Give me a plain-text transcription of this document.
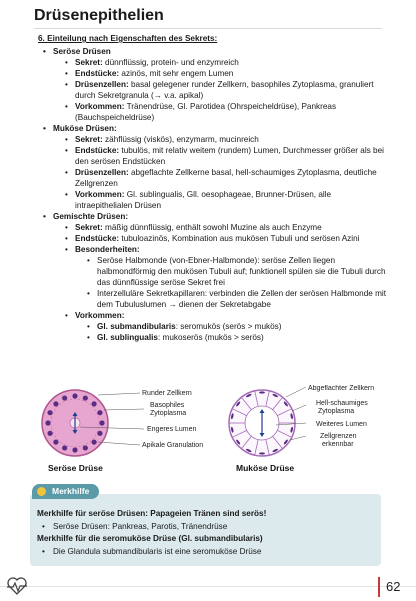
Drüsenepithelien
6. Einteilung nach Eigenschaften des Sekrets:
• Seröse Drüsen
• Sekret: dünnflüssig, protein- und enzymreich
• Endstücke: azinös, mit sehr engem Lumen
• Drüsenzellen: basal gelegener runder Zellkern, basophiles Zytoplasma, granuliert durch Sekretgranula (→ v.a. apikal)
• Vorkommen: Tränendrüse, Gl. Parotidea (Ohrspeicheldrüse), Pankreas (Bauchspeicheldrüse)
• Muköse Drüsen:
• Sekret: zähflüssig (viskös), enzymarm, mucinreich
• Endstücke: tubulös, mit relativ weitem (rundem) Lumen, Durchmesser größer als bei den serösen Endstücken
• Drüsenzellen: abgeflachte Zellkerne basal, hell-schaumiges Zytoplasma, deutliche Zellgrenzen
• Vorkommen: Gl. sublingualis, Gll. oesophageae, Brunner-Drüsen, alle intraepithelialen Drüsen
• Gemischte Drüsen:
• Sekret: mäßig dünnflüssig, enthält sowohl Muzine als auch Enzyme
• Endstücke: tubuloazinös, Kombination aus mukösen Tubuli und serösen Azini
• Besonderheiten:
• Seröse Halbmonde (von-Ebner-Halbmonde): seröse Zellen liegen halbmondförmig den mukösen Tubuli auf; funktionell spülen sie die Tubuli durch das dünnflüssige seröse Sekret frei
• Interzelluläre Sekretkapillaren: verbinden die Zellen der serösen Halbmonde mit dem Tubuluslumen → dienen der Sekretabgabe
• Vorkommen:
• Gl. submandibularis: seromukös (serös > mukös)
• Gl. sublingualis: mukoserös (mukös > serös)
Runder Zellkern
Basophiles
Zytoplasma
Engeres Lumen
Apikale Granulation
Seröse Drüse
Abgeflachter Zellkern
Hell-schaumiges
Zytoplasma
Weiteres Lumen
Zellgrenzen
erkennbar
Muköse Drüse
Merkhilfe
Merkhilfe für seröse Drüsen: Papageien Tränen sind serös!
• Seröse Drüsen: Pankreas, Parotis, Tränendrüse
Merkhilfe für die seromuköse Drüse (Gl. submandibularis)
• Die Glandula submandibularis ist eine seromuköse Drüse
62
